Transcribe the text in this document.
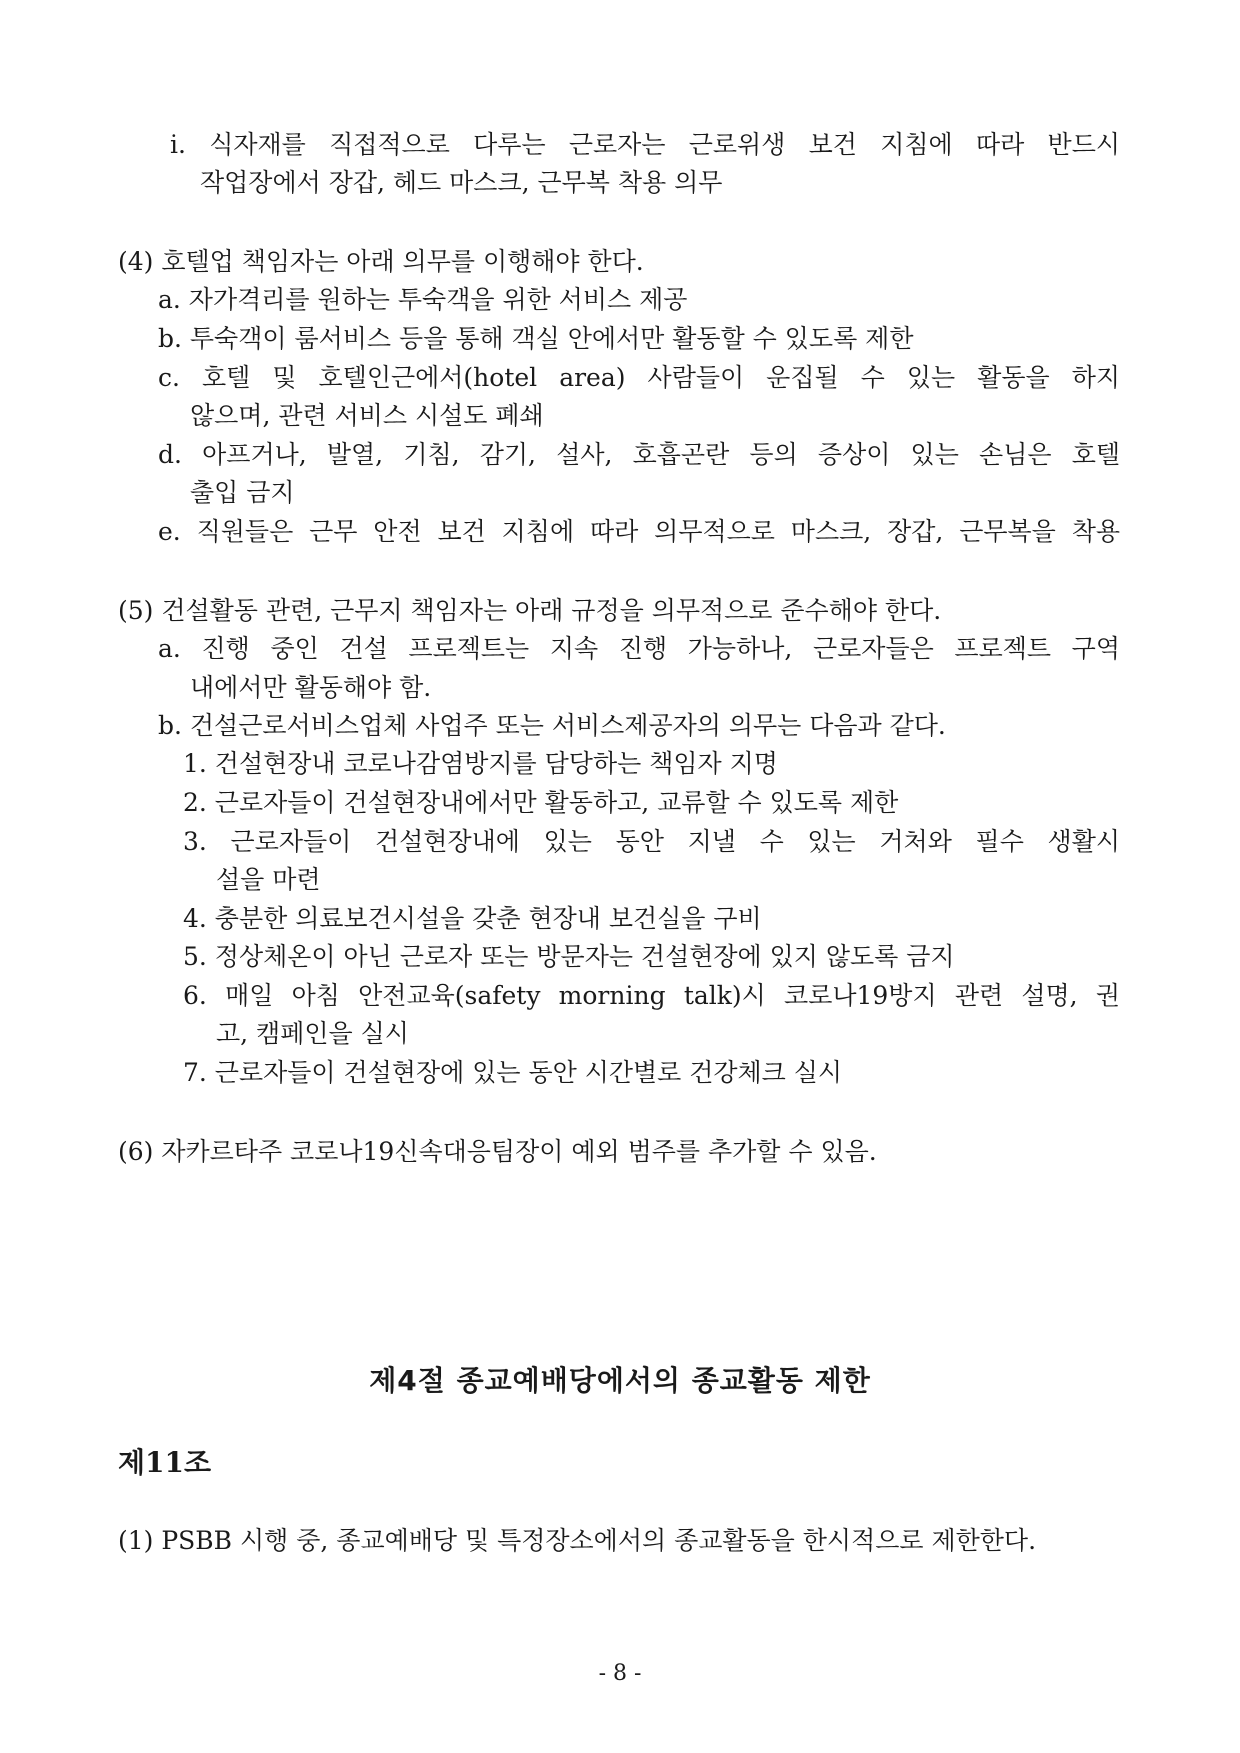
i. 식자재를 직접적으로 다루는 근로자는 근로위생 보건 지침에 따라 반드시
작업장에서 장갑, 헤드 마스크, 근무복 착용 의무
(4) 호텔업 책임자는 아래 의무를 이행해야 한다.
a. 자가격리를 원하는 투숙객을 위한 서비스 제공
b. 투숙객이 룸서비스 등을 통해 객실 안에서만 활동할 수 있도록 제한
c. 호텔 및 호텔인근에서(hotel area) 사람들이 운집될 수 있는 활동을 하지
않으며, 관련 서비스 시설도 폐쇄
d. 아프거나, 발열, 기침, 감기, 설사, 호흡곤란 등의 증상이 있는 손님은 호텔
출입 금지
e. 직원들은 근무 안전 보건 지침에 따라 의무적으로 마스크, 장갑, 근무복을 착용
(5) 건설활동 관련, 근무지 책임자는 아래 규정을 의무적으로 준수해야 한다.
a. 진행 중인 건설 프로젝트는 지속 진행 가능하나, 근로자들은 프로젝트 구역
내에서만 활동해야 함.
b. 건설근로서비스업체 사업주 또는 서비스제공자의 의무는 다음과 같다.
1. 건설현장내 코로나감염방지를 담당하는 책임자 지명
2. 근로자들이 건설현장내에서만 활동하고, 교류할 수 있도록 제한
3. 근로자들이 건설현장내에 있는 동안 지낼 수 있는 거처와 필수 생활시
설을 마련
4. 충분한 의료보건시설을 갖춘 현장내 보건실을 구비
5. 정상체온이 아닌 근로자 또는 방문자는 건설현장에 있지 않도록 금지
6. 매일 아침 안전교육(safety morning talk)시 코로나19방지 관련 설명, 권
고, 캠페인을 실시
7. 근로자들이 건설현장에 있는 동안 시간별로 건강체크 실시
(6) 자카르타주 코로나19신속대응팀장이 예외 범주를 추가할 수 있음.
제4절 종교예배당에서의 종교활동 제한
제11조
(1) PSBB 시행 중, 종교예배당 및 특정장소에서의 종교활동을 한시적으로 제한한다.
- 8 -
